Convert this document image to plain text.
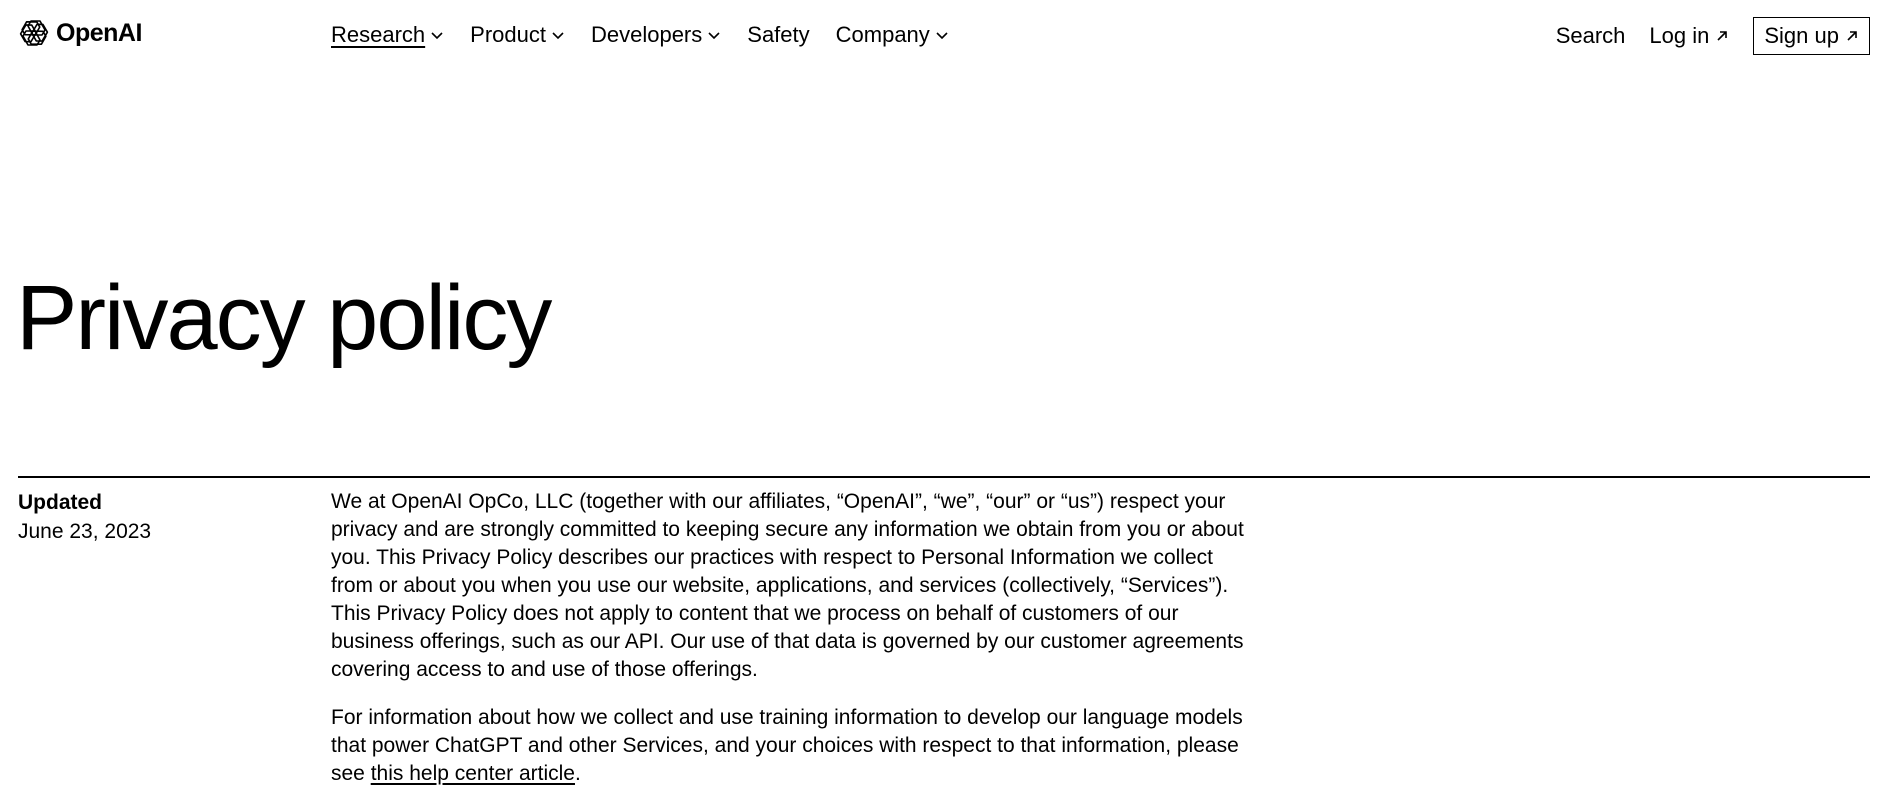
OpenAI	Research Product Developers Safety Company	Search Log in	Sign up
Privacy policy
Updated
June 23, 2023

We at OpenAI OpCo, LLC (together with our affiliates, “OpenAI”, “we”, “our” or “us”) respect your privacy and are strongly committed to keeping secure any information we obtain from you or about you. This Privacy Policy describes our practices with respect to Personal Information we collect from or about you when you use our website, applications, and services (collectively, “Services”). This Privacy Policy does not apply to content that we process on behalf of customers of our business offerings, such as our API. Our use of that data is governed by our customer agreements covering access to and use of those offerings.

For information about how we collect and use training information to develop our language models that power ChatGPT and other Services, and your choices with respect to that information, please see this help center article.
